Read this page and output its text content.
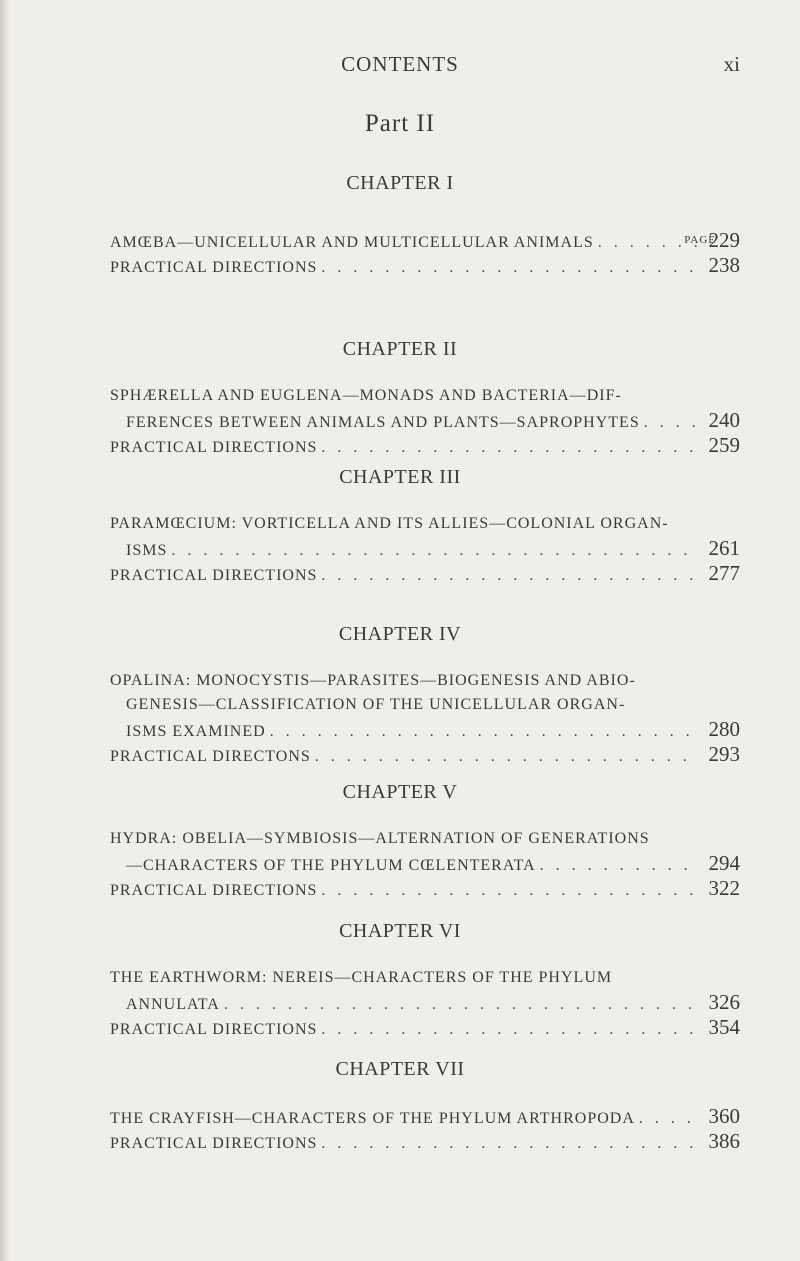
CONTENTS	xi
Part II
PAGE
CHAPTER I
AMŒBA—UNICELLULAR AND MULTICELLULAR ANIMALS . . .	229
PRACTICAL DIRECTIONS . . .	238
CHAPTER II
SPHÆRELLA AND EUGLENA—MONADS AND BACTERIA—DIF-
FERENCES BETWEEN ANIMALS AND PLANTS—SAPROPHYTES . . .	240
PRACTICAL DIRECTIONS . . .	259
CHAPTER III
PARAMŒCIUM: VORTICELLA AND ITS ALLIES—COLONIAL ORGAN-
ISMS . . .	261
PRACTICAL DIRECTIONS . . .	277
CHAPTER IV
OPALINA: MONOCYSTIS—PARASITES—BIOGENESIS AND ABIO-
GENESIS—CLASSIFICATION OF THE UNICELLULAR ORGAN-
ISMS EXAMINED . . .	280
PRACTICAL DIRECTONS . . .	293
CHAPTER V
HYDRA: OBELIA—SYMBIOSIS—ALTERNATION OF GENERATIONS
—CHARACTERS OF THE PHYLUM CŒLENTERATA . . .	294
PRACTICAL DIRECTIONS . . .	322
CHAPTER VI
THE EARTHWORM: NEREIS—CHARACTERS OF THE PHYLUM
ANNULATA . . .	326
PRACTICAL DIRECTIONS . . .	354
CHAPTER VII
THE CRAYFISH—CHARACTERS OF THE PHYLUM ARTHROPODA . . .	360
PRACTICAL DIRECTIONS . . .	386
